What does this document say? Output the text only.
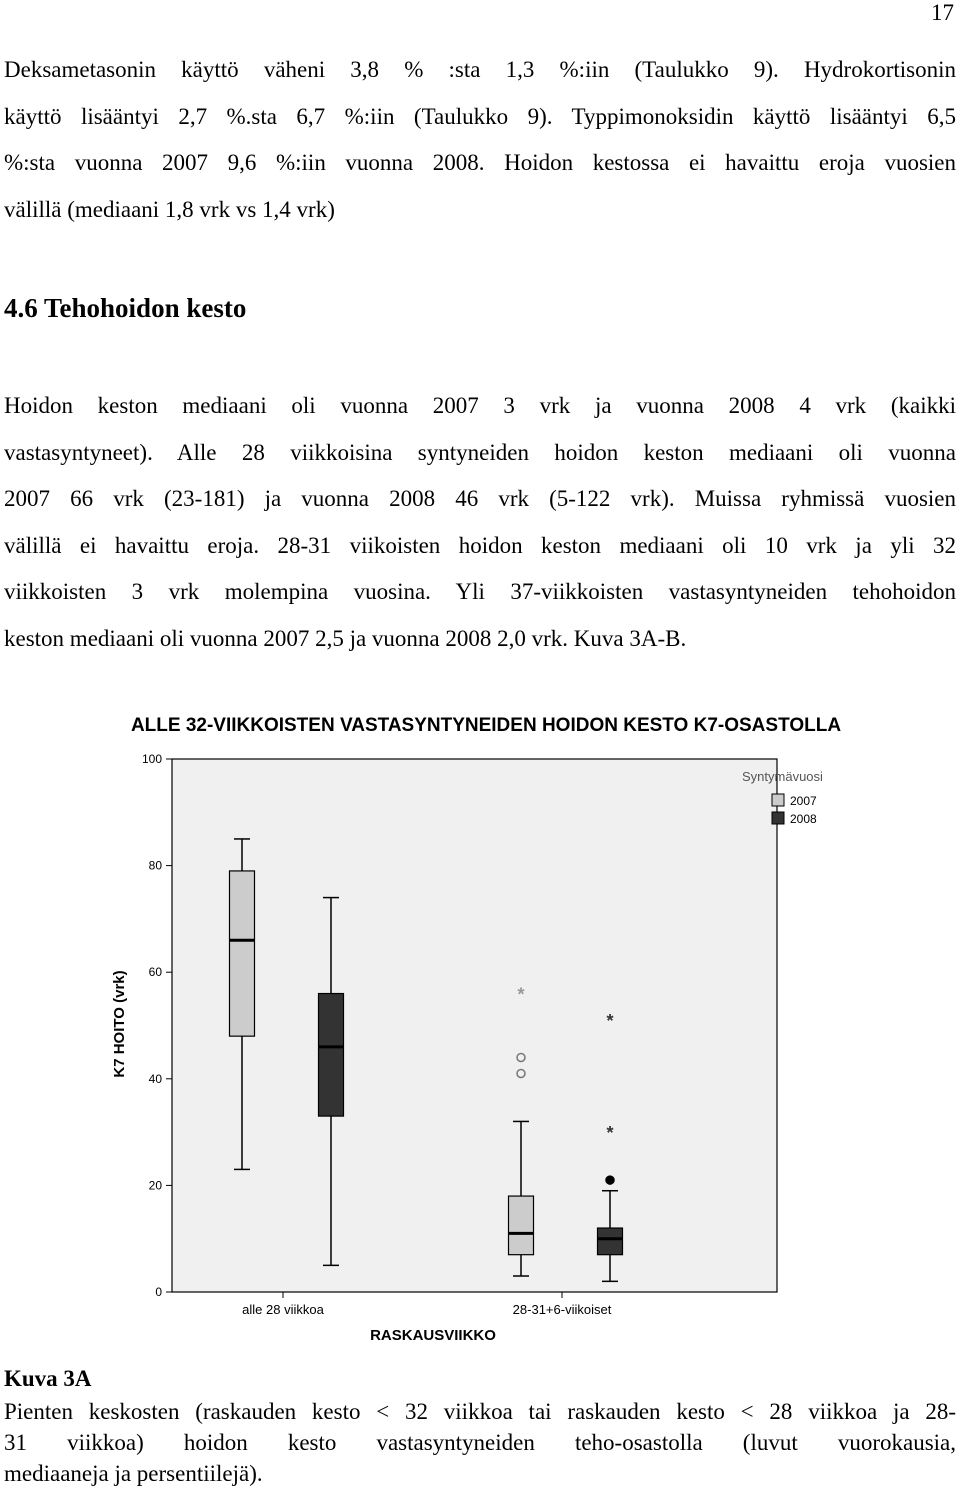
17
Deksametasonin käyttö väheni 3,8 % :sta 1,3 %:iin (Taulukko 9). Hydrokortisonin
käyttö lisääntyi 2,7 %.sta 6,7 %:iin (Taulukko 9). Typpimonoksidin käyttö lisääntyi 6,5
%:sta vuonna 2007 9,6 %:iin vuonna 2008. Hoidon kestossa ei havaittu eroja vuosien
välillä (mediaani 1,8 vrk vs 1,4 vrk)
4.6 Tehohoidon kesto
Hoidon keston mediaani oli vuonna 2007 3 vrk ja vuonna 2008 4 vrk (kaikki
vastasyntyneet). Alle 28 viikkoisina syntyneiden hoidon keston mediaani oli vuonna
2007 66 vrk (23-181) ja vuonna 2008 46 vrk (5-122 vrk). Muissa ryhmissä vuosien
välillä ei havaittu eroja. 28-31 viikoisten hoidon keston mediaani oli 10 vrk ja yli 32
viikkoisten 3 vrk molempina vuosina. Yli 37-viikkoisten vastasyntyneiden tehohoidon
keston mediaani oli vuonna 2007 2,5 ja vuonna 2008 2,0 vrk. Kuva 3A-B.
ALLE 32-VIIKKOISTEN VASTASYNTYNEIDEN HOIDON KESTO K7-OSASTOLLA
0
20
40
60
80
100
*
*
*
alle 28 viikkoa	28-31+6-viikoiset
RASKAUSVIIKKO
K7 HOITO (vrk)
Syntymävuosi
2007
2008
Kuva 3A
Pienten keskosten (raskauden kesto < 32 viikkoa tai raskauden kesto < 28 viikkoa ja 28-
31 viikkoa) hoidon kesto vastasyntyneiden teho-osastolla (luvut vuorokausia,
mediaaneja ja persentiilejä).
